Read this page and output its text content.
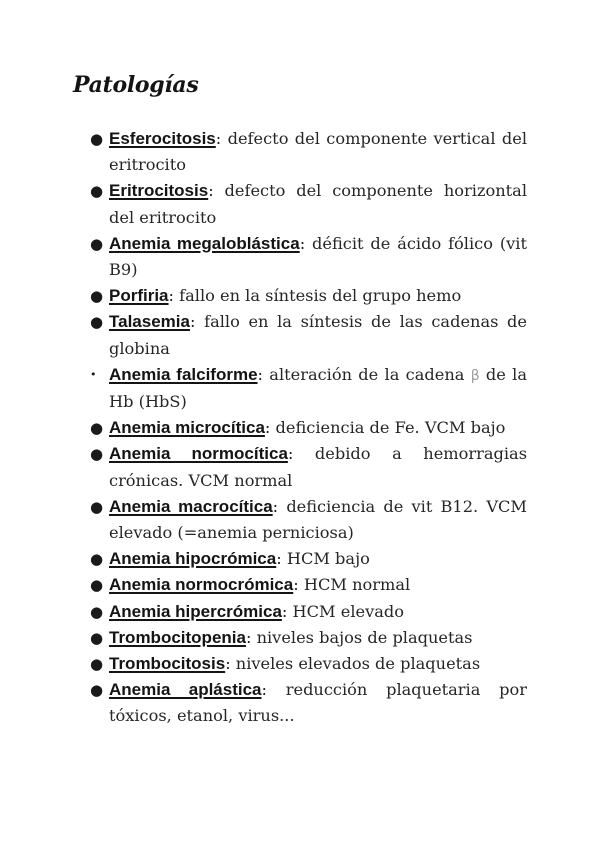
Patologías
● Esferocitosis: defecto del componente vertical del eritrocito
● Eritrocitosis: defecto del componente horizontal del eritrocito
● Anemia megaloblástica: déficit de ácido fólico (vit B9)
● Porfiria: fallo en la síntesis del grupo hemo
● Talasemia: fallo en la síntesis de las cadenas de globina
• Anemia falciforme: alteración de la cadena β de la Hb (HbS)
● Anemia microcítica: deficiencia de Fe. VCM bajo
● Anemia normocítica: debido a hemorragias crónicas. VCM normal
● Anemia macrocítica: deficiencia de vit B12. VCM elevado (=anemia perniciosa)
● Anemia hipocrómica: HCM bajo
● Anemia normocrómica: HCM normal
● Anemia hipercrómica: HCM elevado
● Trombocitopenia: niveles bajos de plaquetas
● Trombocitosis: niveles elevados de plaquetas
● Anemia aplástica: reducción plaquetaria por tóxicos, etanol, virus...
